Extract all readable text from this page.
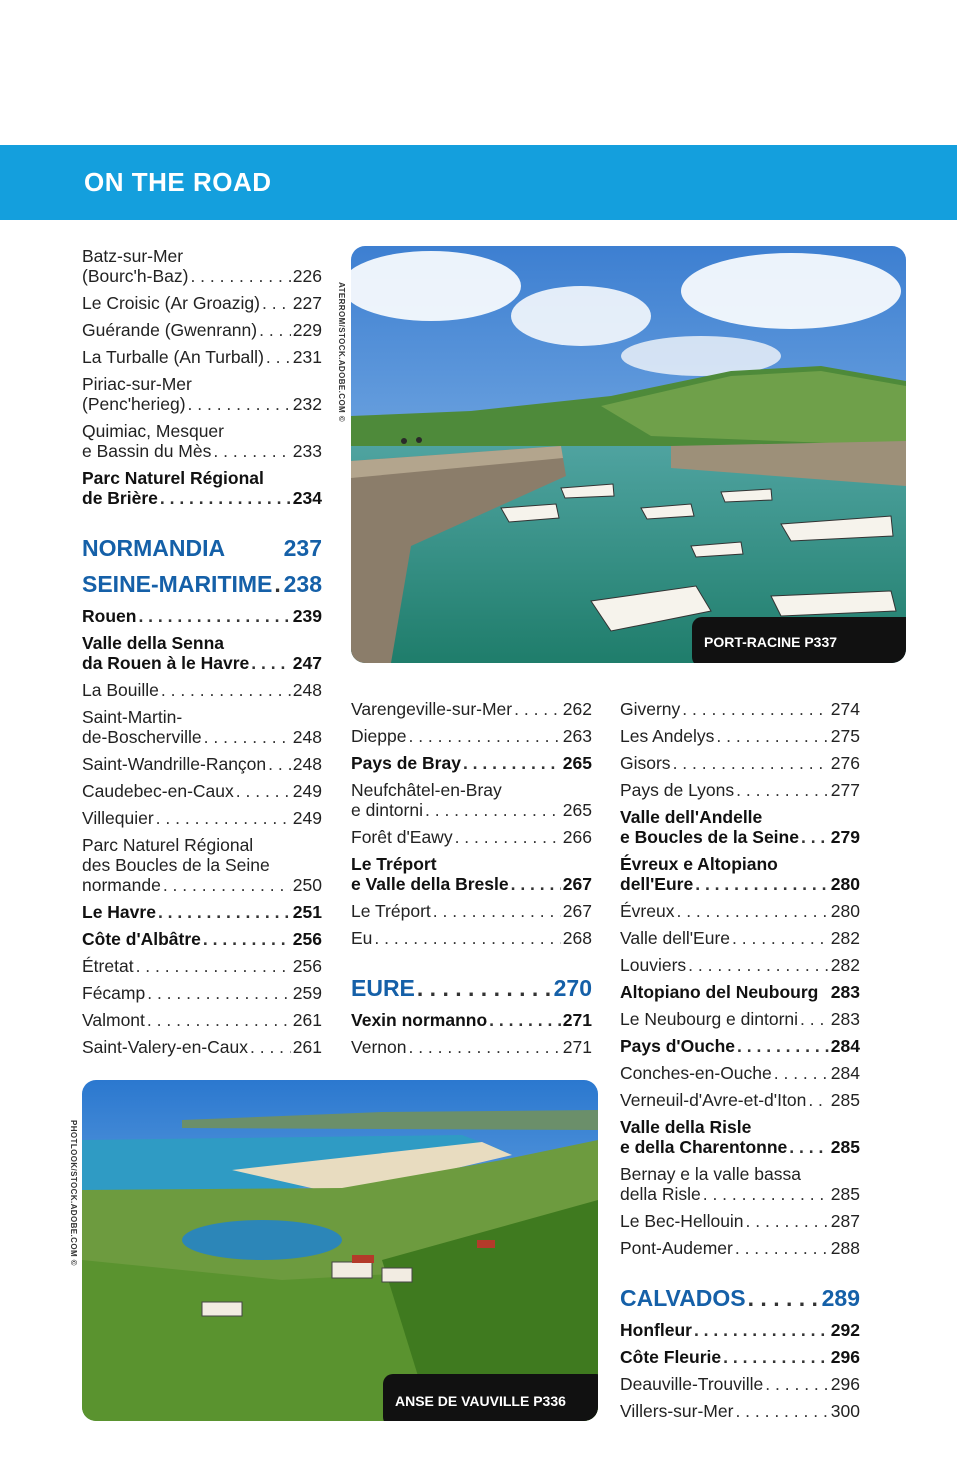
ON THE ROAD
Batz-sur-Mer
(Bourc'h-Baz) . . .	226
Le Croisic (Ar Groazig) . . . 227
Guérande (Gwenrann) . . . 229
La Turballe (An Turball) . . . 231
Piriac-sur-Mer
(Penc'herieg) . . .	232
Quimiac, Mesquer
e Bassin du Mès . . .	233
Parc Naturel Régional
de Brière . . .	234
NORMANDIA	237
SEINE-MARITIME . . . 238
Rouen . . .	239
Valle della Senna
da Rouen à le Havre . . . 247
La Bouille . . .	248
Saint-Martin-
de-Boscherville . . .	248
Saint-Wandrille-Rançon . . . 248
Caudebec-en-Caux . . .	249
Villequier . . .	249
Parc Naturel Régional
des Boucles de la Seine
normande . . .	250
Le Havre . . .	251
Côte d'Albâtre . . .	256
Étretat . . .	256
Fécamp . . .	259
Valmont . . .	261
Saint-Valery-en-Caux . . .	261
Varengeville-sur-Mer . . .	262
Dieppe . . .	263
Pays de Bray . . .	265
Neufchâtel-en-Bray
e dintorni . . .	265
Forêt d'Eawy . . .	266
Le Tréport
e Valle della Bresle . . .	267
Le Tréport . . .	267
Eu . . .	268
EURE . . .	270
Vexin normanno . . .	271
Vernon . . .	271
Giverny . . .	274
Les Andelys . . .	275
Gisors . . .	276
Pays de Lyons . . .	277
Valle dell'Andelle
e Boucles de la Seine . . . 279
Évreux e Altopiano
dell'Eure . . .	280
Évreux . . .	280
Valle dell'Eure . . .	282
Louviers . . .	282
Altopiano del Neubourg 283
Le Neubourg e dintorni . . . 283
Pays d'Ouche . . .	284
Conches-en-Ouche . . .	284
Verneuil-d'Avre-et-d'Iton . . . 285
Valle della Risle
e della Charentonne . . . 285
Bernay e la valle bassa
della Risle . . .	285
Le Bec-Hellouin . . .	287
Pont-Audemer . . .	288
CALVADOS . . .	289
Honfleur . . .	292
Côte Fleurie . . .	296
Deauville-Trouville . . .	296
Villers-sur-Mer . . .	300
PORT-RACINE P337
ATERROM/STOCK.ADOBE.COM ©
ANSE DE VAUVILLE P336
PHOTLOOK/STOCK.ADOBE.COM ©
